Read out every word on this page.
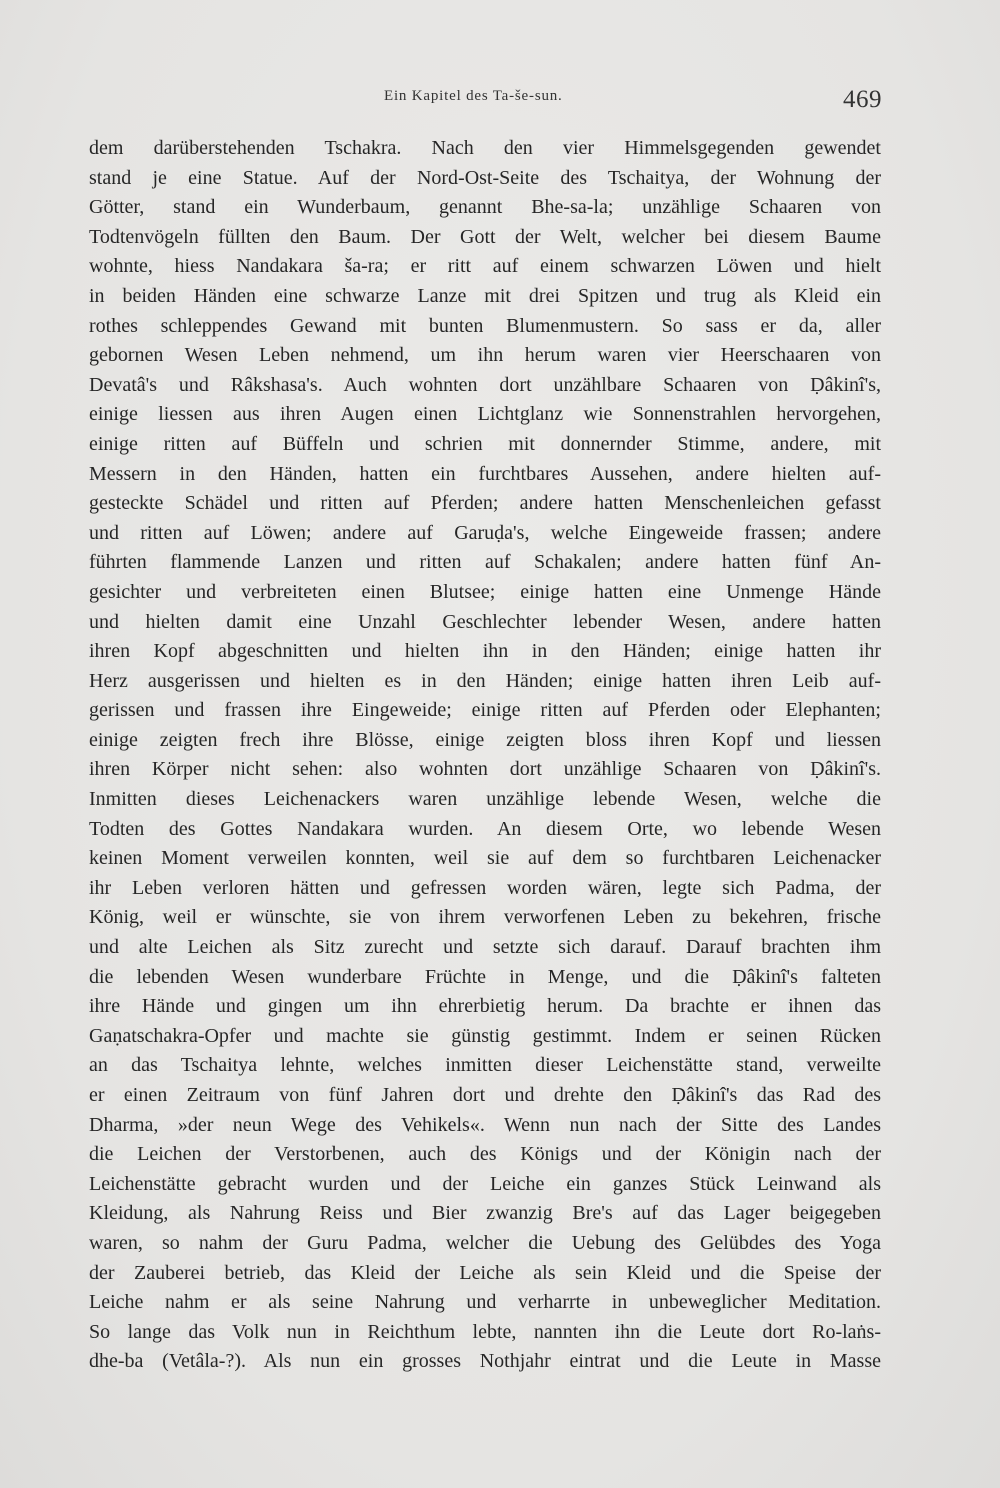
Ein Kapitel des Ta-še-sun.	469
dem darüberstehenden Tschakra. Nach den vier Himmelsgegenden gewendet
stand je eine Statue. Auf der Nord-Ost-Seite des Tschaitya, der Wohnung der
Götter, stand ein Wunderbaum, genannt Bhe-sa-la; unzählige Schaaren von
Todtenvögeln füllten den Baum. Der Gott der Welt, welcher bei diesem Baume
wohnte, hiess Nandakara ša-ra; er ritt auf einem schwarzen Löwen und hielt
in beiden Händen eine schwarze Lanze mit drei Spitzen und trug als Kleid ein
rothes schleppendes Gewand mit bunten Blumenmustern. So sass er da, aller
gebornen Wesen Leben nehmend, um ihn herum waren vier Heerschaaren von
Devatâ's und Râkshasa's. Auch wohnten dort unzählbare Schaaren von Ḍâkinî's,
einige liessen aus ihren Augen einen Lichtglanz wie Sonnenstrahlen hervorgehen,
einige ritten auf Büffeln und schrien mit donnernder Stimme, andere, mit
Messern in den Händen, hatten ein furchtbares Aussehen, andere hielten auf-
gesteckte Schädel und ritten auf Pferden; andere hatten Menschenleichen gefasst
und ritten auf Löwen; andere auf Garuḍa's, welche Eingeweide frassen; andere
führten flammende Lanzen und ritten auf Schakalen; andere hatten fünf An-
gesichter und verbreiteten einen Blutsee; einige hatten eine Unmenge Hände
und hielten damit eine Unzahl Geschlechter lebender Wesen, andere hatten
ihren Kopf abgeschnitten und hielten ihn in den Händen; einige hatten ihr
Herz ausgerissen und hielten es in den Händen; einige hatten ihren Leib auf-
gerissen und frassen ihre Eingeweide; einige ritten auf Pferden oder Elephanten;
einige zeigten frech ihre Blösse, einige zeigten bloss ihren Kopf und liessen
ihren Körper nicht sehen: also wohnten dort unzählige Schaaren von Ḍâkinî's.
Inmitten dieses Leichenackers waren unzählige lebende Wesen, welche die
Todten des Gottes Nandakara wurden. An diesem Orte, wo lebende Wesen
keinen Moment verweilen konnten, weil sie auf dem so furchtbaren Leichenacker
ihr Leben verloren hätten und gefressen worden wären, legte sich Padma, der
König, weil er wünschte, sie von ihrem verworfenen Leben zu bekehren, frische
und alte Leichen als Sitz zurecht und setzte sich darauf. Darauf brachten ihm
die lebenden Wesen wunderbare Früchte in Menge, und die Ḍâkinî's falteten
ihre Hände und gingen um ihn ehrerbietig herum. Da brachte er ihnen das
Gaṇatschakra-Opfer und machte sie günstig gestimmt. Indem er seinen Rücken
an das Tschaitya lehnte, welches inmitten dieser Leichenstätte stand, verweilte
er einen Zeitraum von fünf Jahren dort und drehte den Ḍâkinî's das Rad des
Dharma, »der neun Wege des Vehikels«. Wenn nun nach der Sitte des Landes
die Leichen der Verstorbenen, auch des Königs und der Königin nach der
Leichenstätte gebracht wurden und der Leiche ein ganzes Stück Leinwand als
Kleidung, als Nahrung Reiss und Bier zwanzig Bre's auf das Lager beigegeben
waren, so nahm der Guru Padma, welcher die Uebung des Gelübdes des Yoga
der Zauberei betrieb, das Kleid der Leiche als sein Kleid und die Speise der
Leiche nahm er als seine Nahrung und verharrte in unbeweglicher Meditation.
So lange das Volk nun in Reichthum lebte, nannten ihn die Leute dort Ro-laṅs-
dhe-ba (Vetâla-?). Als nun ein grosses Nothjahr eintrat und die Leute in Masse
